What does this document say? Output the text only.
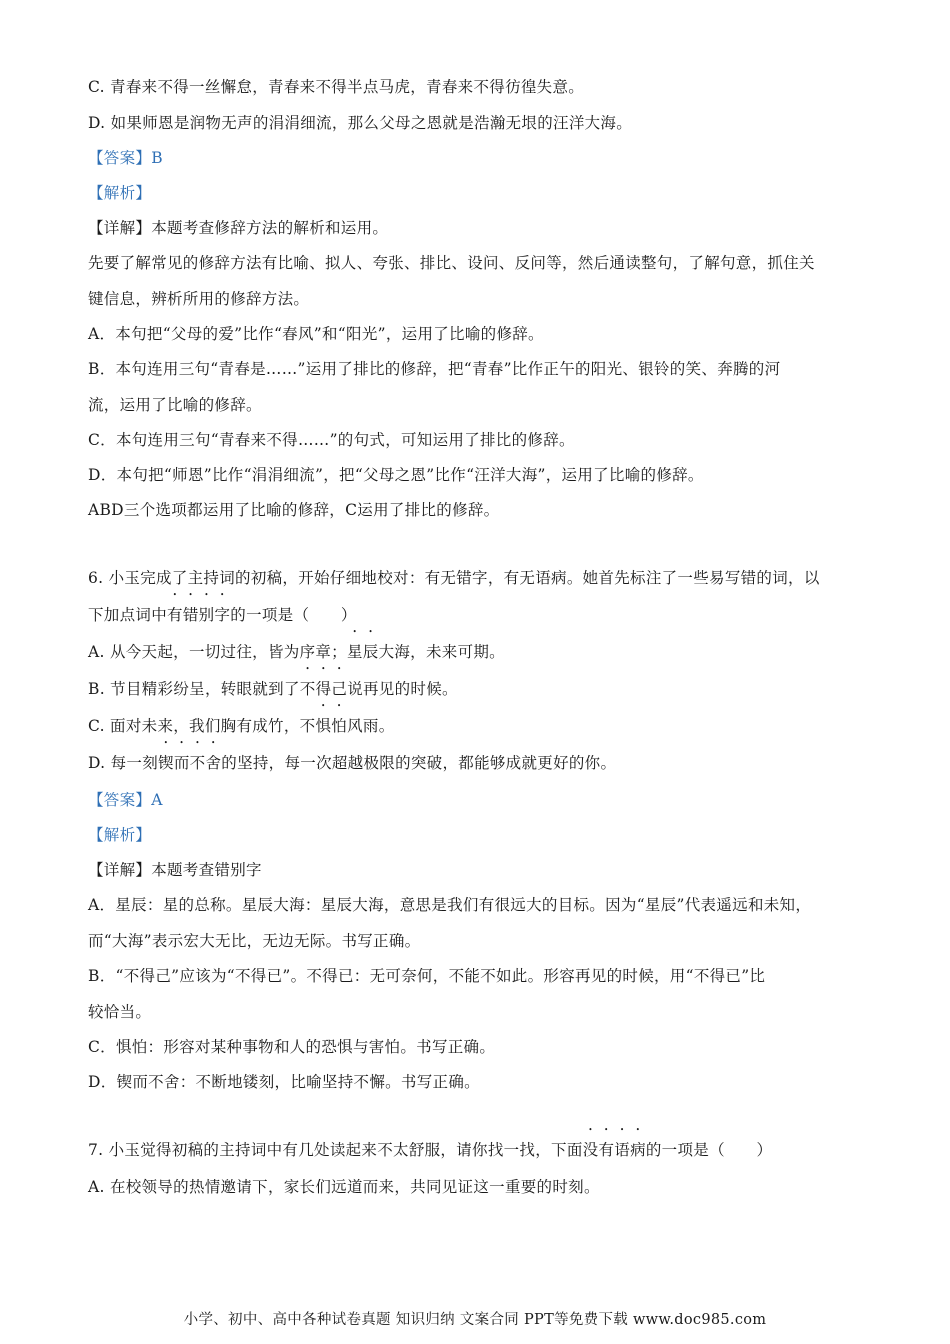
C. 青春来不得一丝懈怠，青春来不得半点马虎，青春来不得彷徨失意。
D. 如果师恩是润物无声的涓涓细流，那么父母之恩就是浩瀚无垠的汪洋大海。
【答案】B
【解析】
【详解】本题考查修辞方法的解析和运用。
先要了解常见的修辞方法有比喻、拟人、夸张、排比、设问、反问等，然后通读整句，了解句意，抓住关
键信息，辨析所用的修辞方法。
A．本句把“父母的爱”比作“春风”和“阳光”，运用了比喻的修辞。
B．本句连用三句“青春是……”运用了排比的修辞，把“青春”比作正午的阳光、银铃的笑、奔腾的河
流，运用了比喻的修辞。
C．本句连用三句“青春来不得……”的句式，可知运用了排比的修辞。
D．本句把“师恩”比作“涓涓细流”，把“父母之恩”比作“汪洋大海”，运用了比喻的修辞。
ABD三个选项都运用了比喻的修辞，C运用了排比的修辞。
6. 小玉完成了主持词的初稿，开始仔细地校对：有无错字，有无语病。她首先标注了一些易写错的词，以
下加点词中有错别字的一项是（　　）
A. 从今天起，一切过往，皆为序章；星辰大海，未来可期。
B. 节目精彩纷呈，转眼就到了不得己说再见的时候。
C. 面对未来，我们胸有成竹，不惧怕风雨。
D. 每一刻锲而不舍的坚持，每一次超越极限的突破，都能够成就更好的你。
【答案】A
【解析】
【详解】本题考查错别字
A．星辰：星的总称。星辰大海：星辰大海，意思是我们有很远大的目标。因为“星辰”代表遥远和未知，
而“大海”表示宏大无比，无边无际。书写正确。
B．“不得己”应该为“不得已”。不得已：无可奈何，不能不如此。形容再见的时候，用“不得已”比
较恰当。
C．惧怕：形容对某种事物和人的恐惧与害怕。书写正确。
D．锲而不舍：不断地镂刻，比喻坚持不懈。书写正确。
7. 小玉觉得初稿的主持词中有几处读起来不太舒服，请你找一找，下面没有语病的一项是（　　）
A. 在校领导的热情邀请下，家长们远道而来，共同见证这一重要的时刻。
小学、初中、高中各种试卷真题 知识归纳 文案合同 PPT等免费下载 www.doc985.com
